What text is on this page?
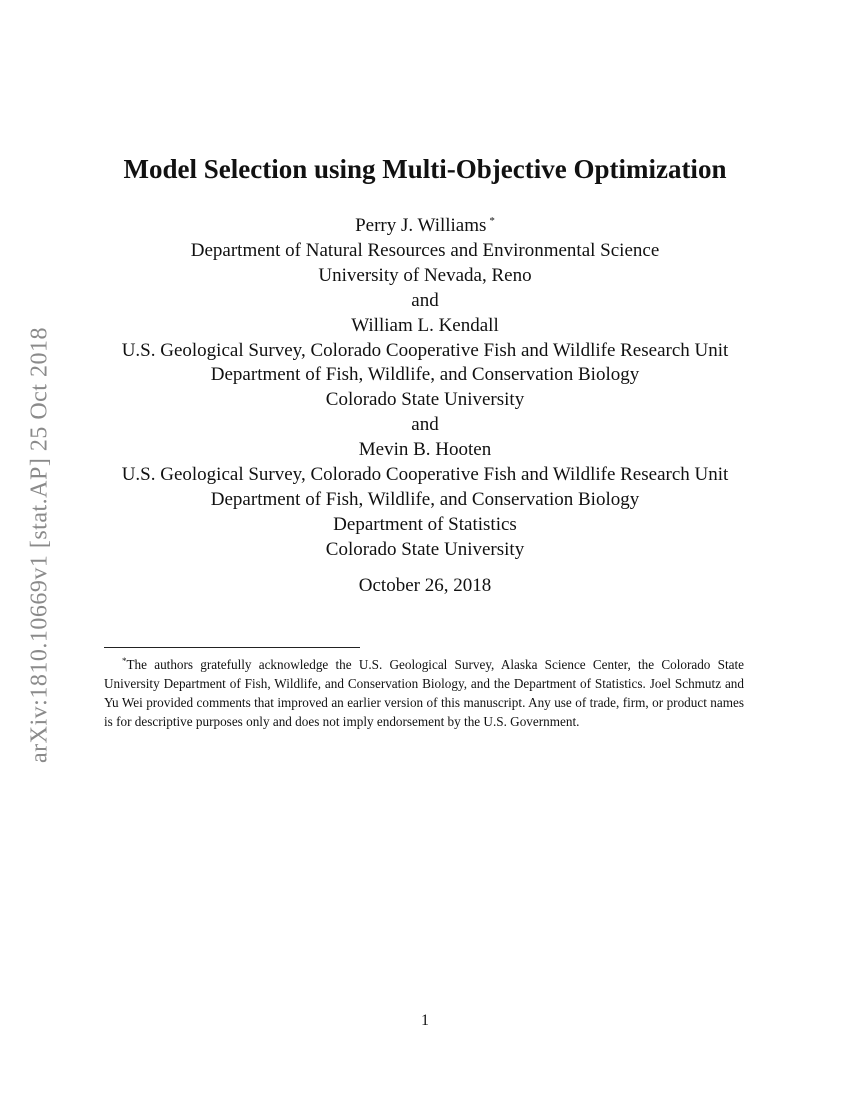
arXiv:1810.10669v1 [stat.AP] 25 Oct 2018
Model Selection using Multi-Objective Optimization
Perry J. Williams *
Department of Natural Resources and Environmental Science
University of Nevada, Reno
and
William L. Kendall
U.S. Geological Survey, Colorado Cooperative Fish and Wildlife Research Unit
Department of Fish, Wildlife, and Conservation Biology
Colorado State University
and
Mevin B. Hooten
U.S. Geological Survey, Colorado Cooperative Fish and Wildlife Research Unit
Department of Fish, Wildlife, and Conservation Biology
Department of Statistics
Colorado State University
October 26, 2018
*The authors gratefully acknowledge the U.S. Geological Survey, Alaska Science Center, the Colorado State University Department of Fish, Wildlife, and Conservation Biology, and the Department of Statistics. Joel Schmutz and Yu Wei provided comments that improved an earlier version of this manuscript. Any use of trade, firm, or product names is for descriptive purposes only and does not imply endorsement by the U.S. Government.
1
